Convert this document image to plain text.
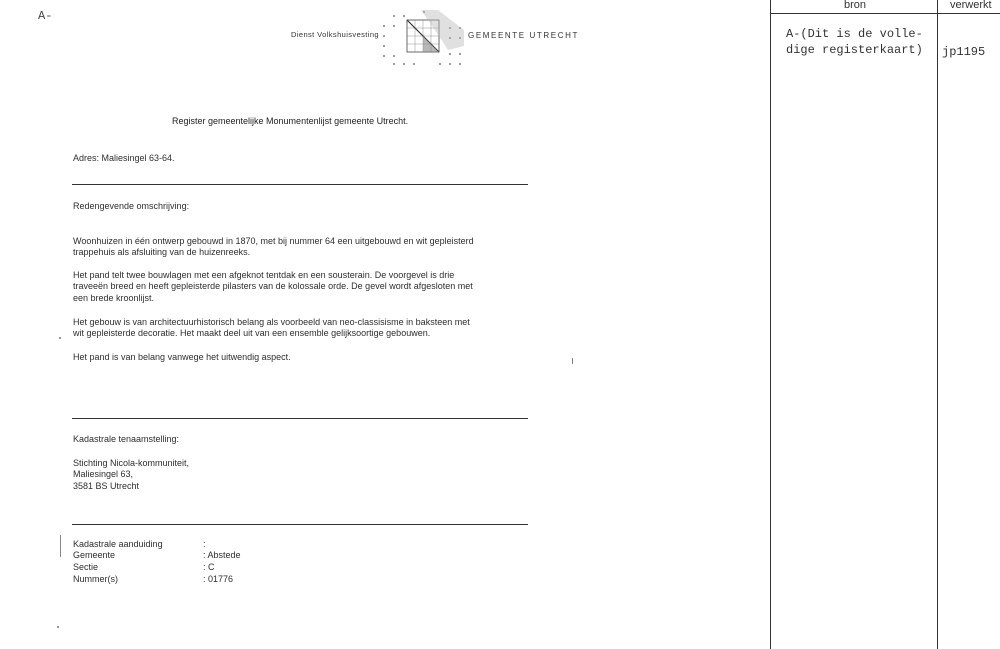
A-
Dienst Volkshuisvesting	GEMEENTE UTRECHT
Register gemeentelijke Monumentenlijst gemeente Utrecht.
Adres: Maliesingel 63-64.
Redengevende omschrijving:
Woonhuizen in één ontwerp gebouwd in 1870, met bij nummer 64 een uitgebouwd en wit gepleisterd
trappehuis als afsluiting van de huizenreeks.
Het pand telt twee bouwlagen met een afgeknot tentdak en een sousterain. De voorgevel is drie
traveeën breed en heeft gepleisterde pilasters van de kolossale orde. De gevel wordt afgesloten met
een brede kroonlijst.
Het gebouw is van architectuurhistorisch belang als voorbeeld van neo-classisisme in baksteen met
wit gepleisterde decoratie. Het maakt deel uit van een ensemble gelijksoortige gebouwen.
Het pand is van belang vanwege het uitwendig aspect.
Kadastrale tenaamstelling:
Stichting Nicola-kommuniteit,
Maliesingel 63,
3581 BS Utrecht
Kadastrale aanduiding	:
Gemeente	: Abstede
Sectie	: C
Nummer(s)	: 01776
bron	verwerkt
A-(Dit is de volle-
dige registerkaart) jp1195
